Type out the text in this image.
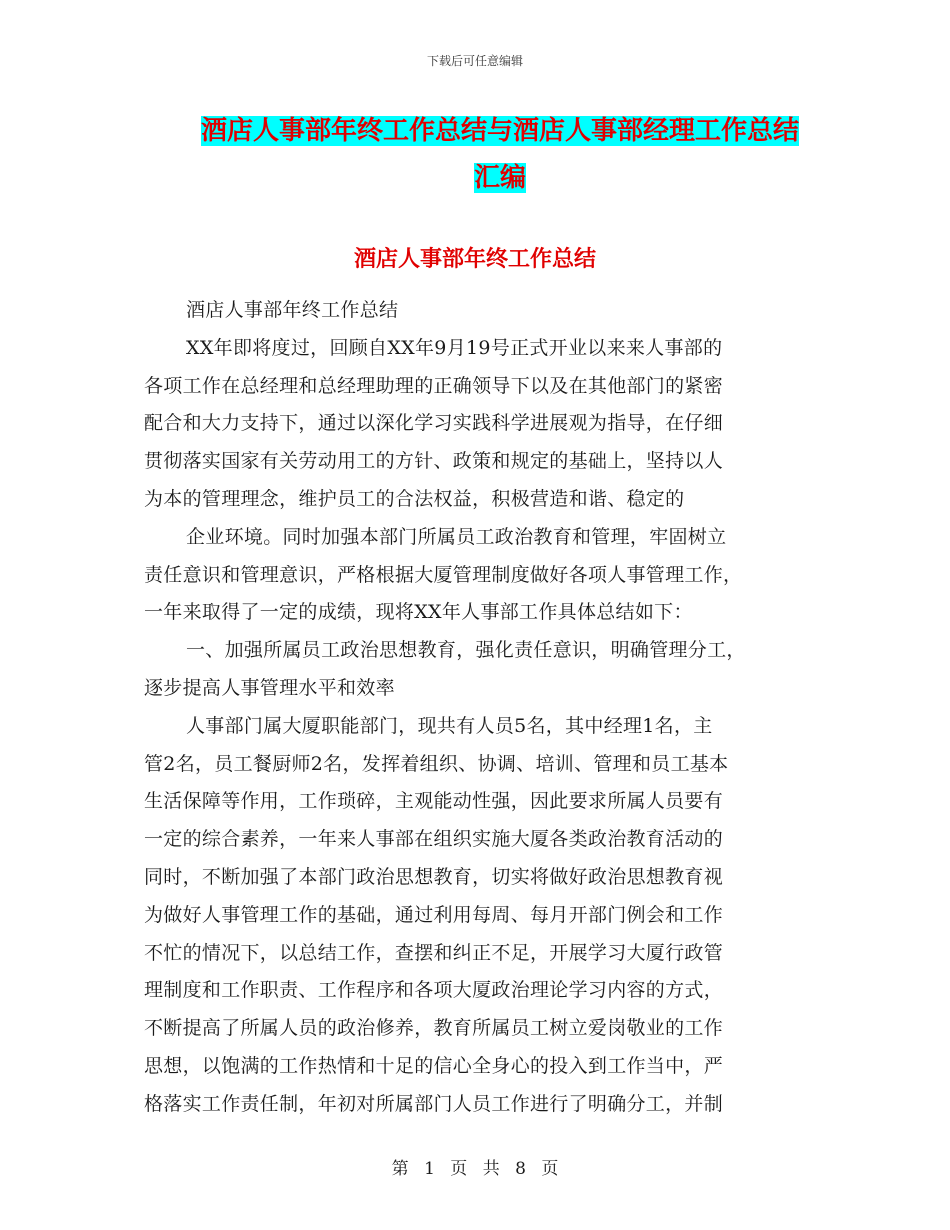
下载后可任意编辑
酒店人事部年终工作总结与酒店人事部经理工作总结
汇编
酒店人事部年终工作总结
酒店人事部年终工作总结
XX年即将度过，回顾自XX年9月19号正式开业以来来人事部的
各项工作在总经理和总经理助理的正确领导下以及在其他部门的紧密
配合和大力支持下，通过以深化学习实践科学进展观为指导，在仔细
贯彻落实国家有关劳动用工的方针、政策和规定的基础上，坚持以人
为本的管理理念，维护员工的合法权益，积极营造和谐、稳定的
企业环境。同时加强本部门所属员工政治教育和管理，牢固树立
责任意识和管理意识，严格根据大厦管理制度做好各项人事管理工作，
一年来取得了一定的成绩，现将XX年人事部工作具体总结如下：
一、加强所属员工政治思想教育，强化责任意识，明确管理分工，
逐步提高人事管理水平和效率
人事部门属大厦职能部门，现共有人员5名，其中经理1名，主
管2名，员工餐厨师2名，发挥着组织、协调、培训、管理和员工基本
生活保障等作用，工作琐碎，主观能动性强，因此要求所属人员要有
一定的综合素养，一年来人事部在组织实施大厦各类政治教育活动的
同时，不断加强了本部门政治思想教育，切实将做好政治思想教育视
为做好人事管理工作的基础，通过利用每周、每月开部门例会和工作
不忙的情况下，以总结工作，查摆和纠正不足，开展学习大厦行政管
理制度和工作职责、工作程序和各项大厦政治理论学习内容的方式，
不断提高了所属人员的政治修养，教育所属员工树立爱岗敬业的工作
思想，以饱满的工作热情和十足的信心全身心的投入到工作当中，严
格落实工作责任制，年初对所属部门人员工作进行了明确分工，并制
第 1 页 共 8 页
